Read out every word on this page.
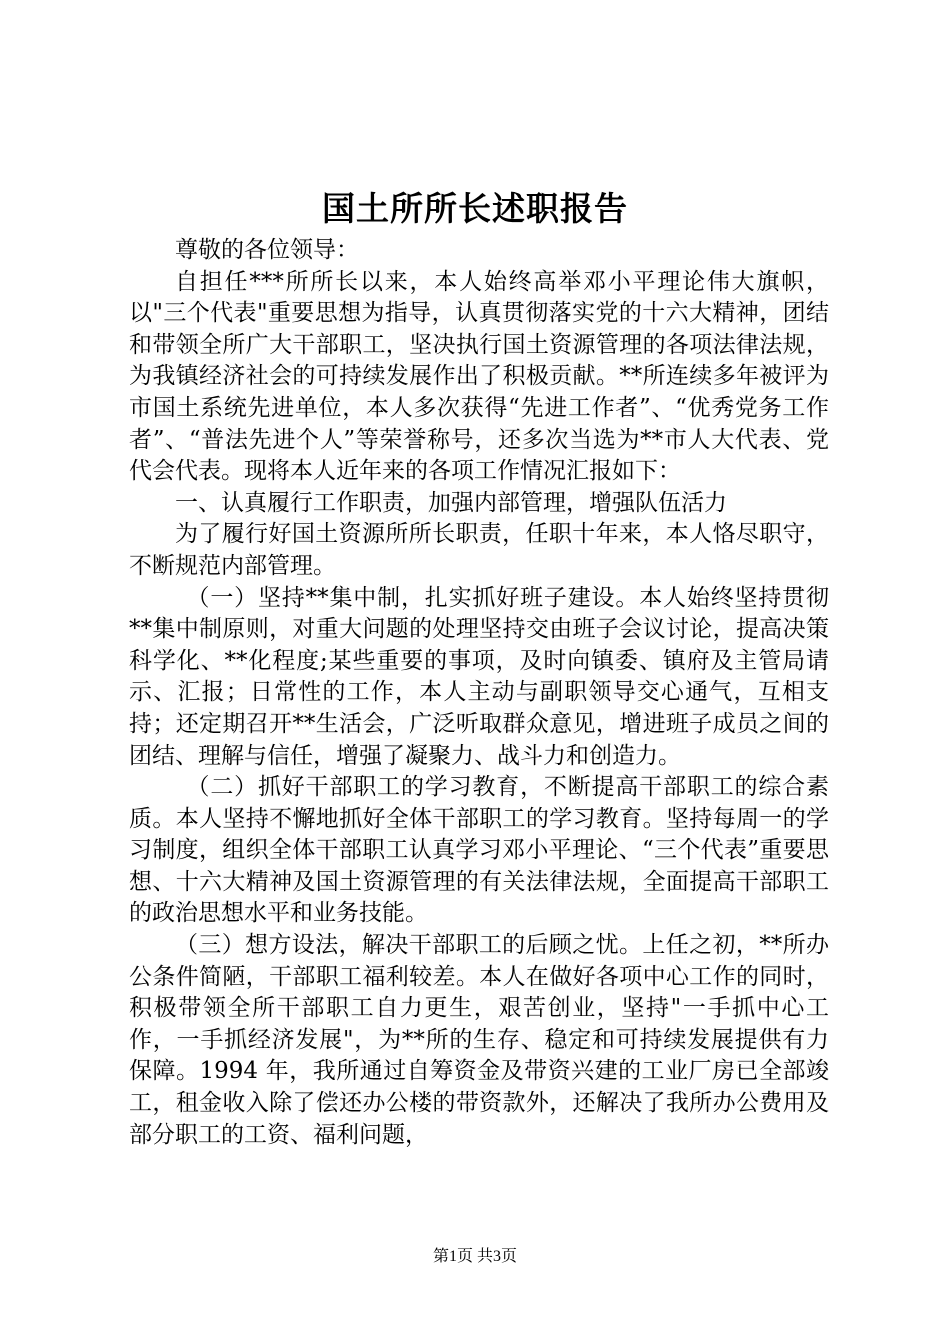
国土所所长述职报告

尊敬的各位领导：

自担任***所所长以来，本人始终高举邓小平理论伟大旗帜，以"三个代表"重要思想为指导，认真贯彻落实党的十六大精神，团结和带领全所广大干部职工，坚决执行国土资源管理的各项法律法规，为我镇经济社会的可持续发展作出了积极贡献。**所连续多年被评为市国土系统先进单位，本人多次获得“先进工作者”、“优秀党务工作者”、“普法先进个人”等荣誉称号，还多次当选为**市人大代表、党代会代表。现将本人近年来的各项工作情况汇报如下：

一、认真履行工作职责，加强内部管理，增强队伍活力

为了履行好国土资源所所长职责，任职十年来，本人恪尽职守，不断规范内部管理。

（一）坚持**集中制，扎实抓好班子建设。本人始终坚持贯彻**集中制原则，对重大问题的处理坚持交由班子会议讨论，提高决策科学化、**化程度;某些重要的事项，及时向镇委、镇府及主管局请示、汇报；日常性的工作，本人主动与副职领导交心通气，互相支持；还定期召开**生活会，广泛听取群众意见，增进班子成员之间的团结、理解与信任，增强了凝聚力、战斗力和创造力。

（二）抓好干部职工的学习教育，不断提高干部职工的综合素质。本人坚持不懈地抓好全体干部职工的学习教育。坚持每周一的学习制度，组织全体干部职工认真学习邓小平理论、“三个代表”重要思想、十六大精神及国土资源管理的有关法律法规，全面提高干部职工的政治思想水平和业务技能。

（三）想方设法，解决干部职工的后顾之忧。上任之初，**所办公条件简陋，干部职工福利较差。本人在做好各项中心工作的同时，积极带领全所干部职工自力更生，艰苦创业，坚持"一手抓中心工作，一手抓经济发展"，为**所的生存、稳定和可持续发展提供有力保障。1994 年，我所通过自筹资金及带资兴建的工业厂房已全部竣工，租金收入除了偿还办公楼的带资款外，还解决了我所办公费用及部分职工的工资、福利问题，

第1页 共3页
